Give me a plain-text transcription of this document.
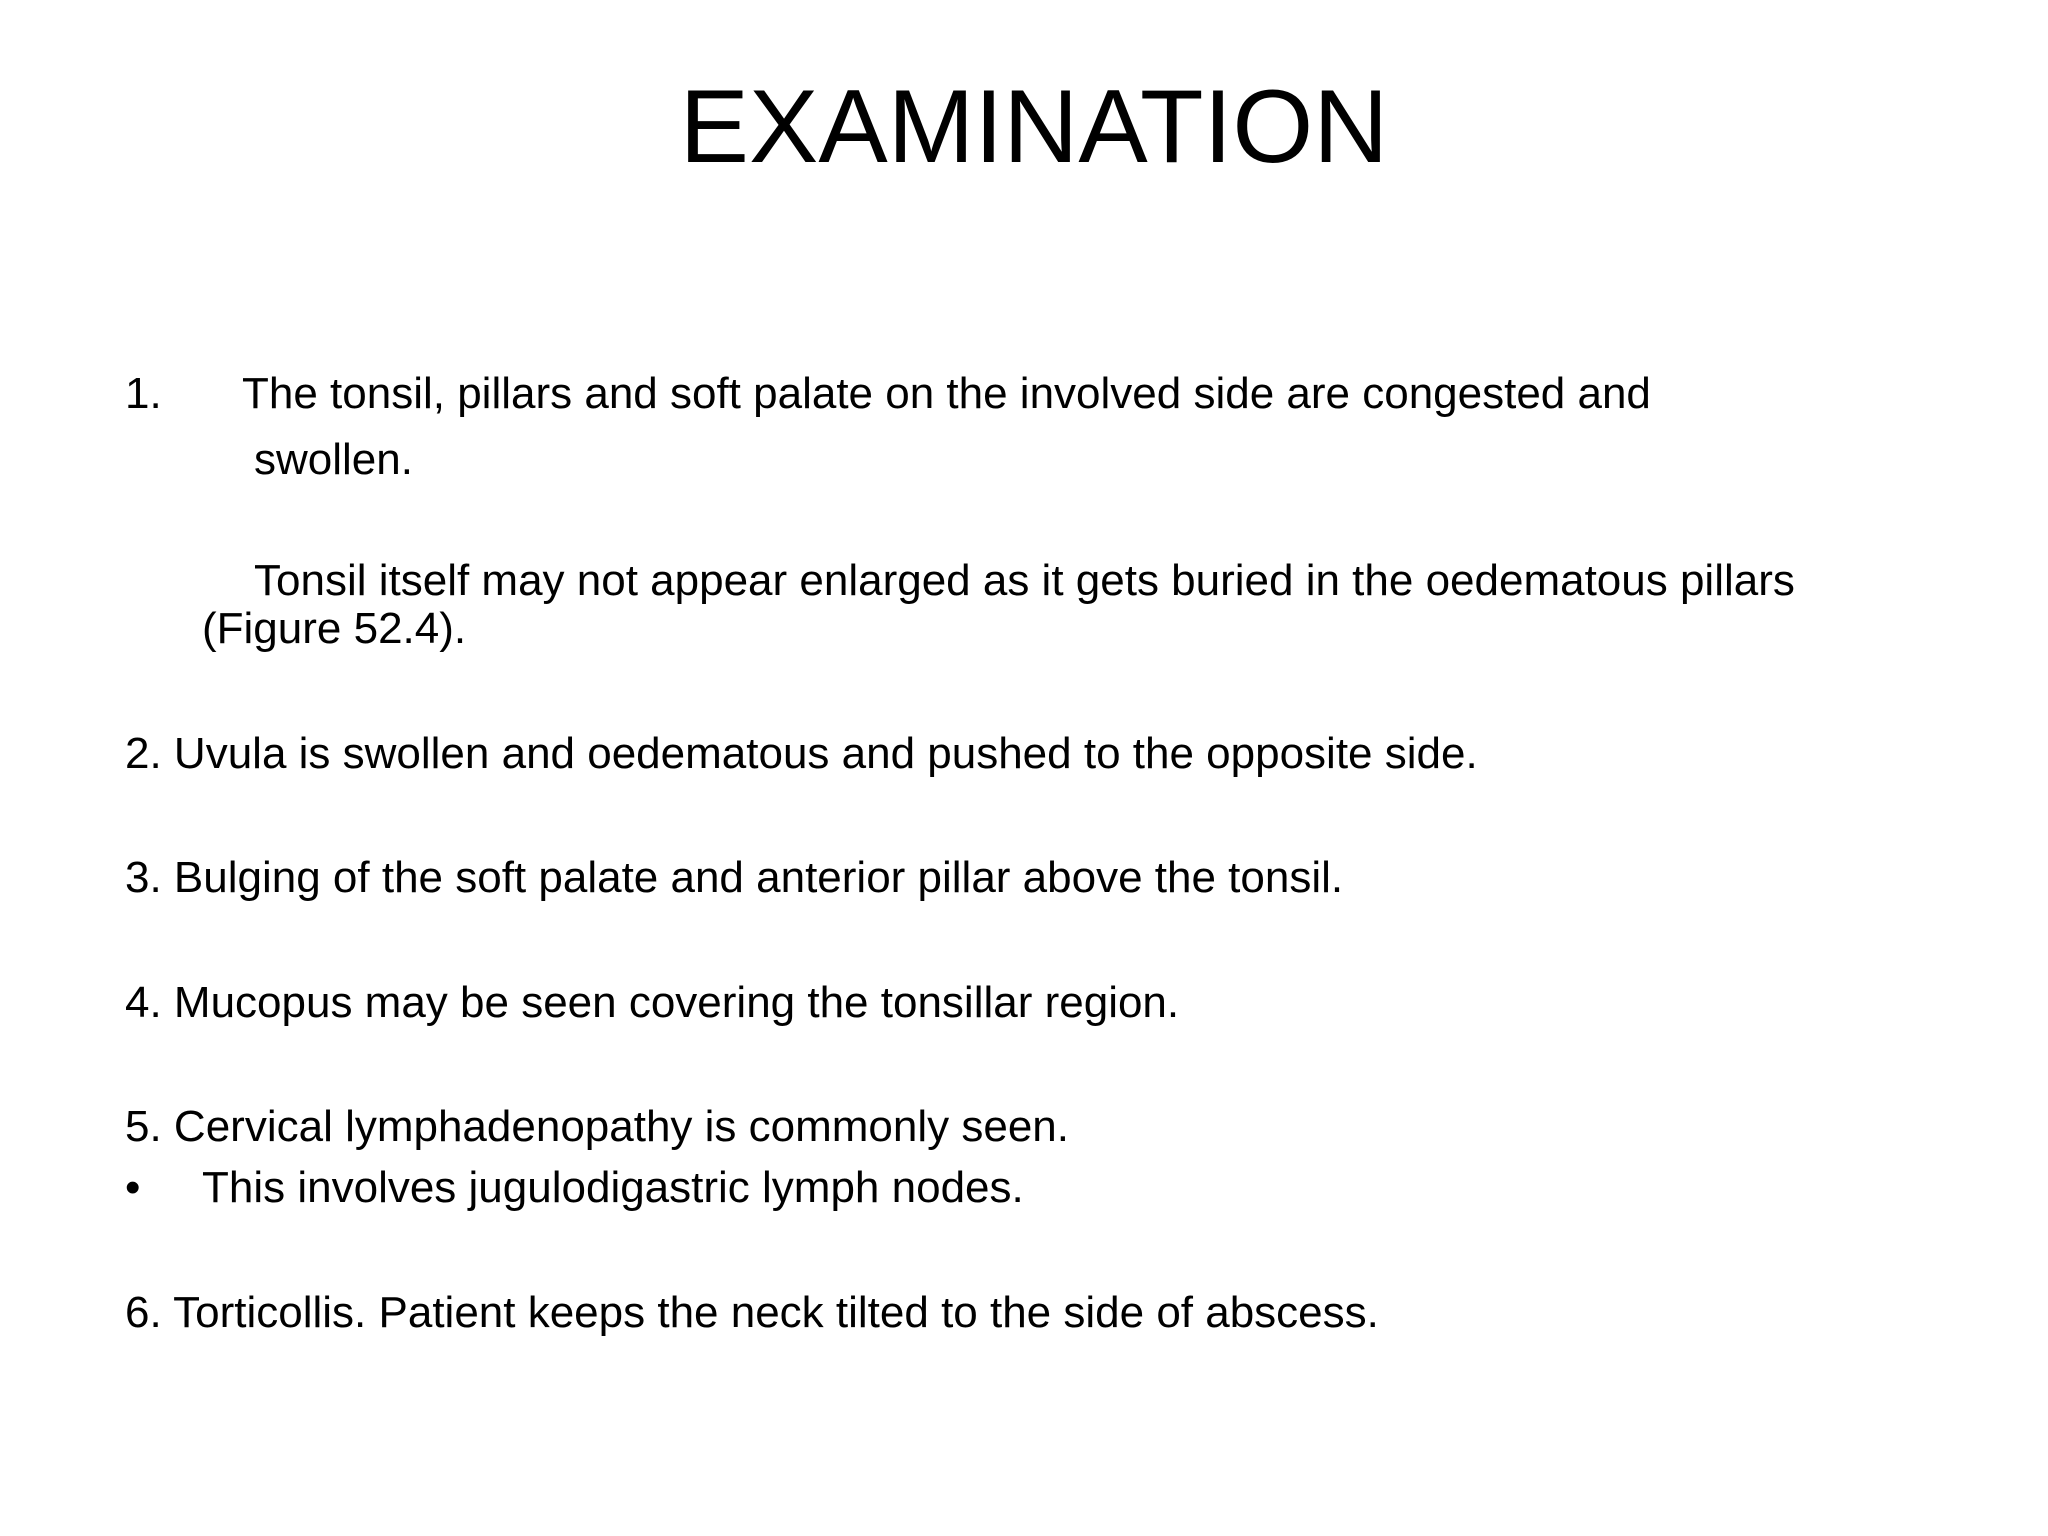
EXAMINATION
1. The tonsil, pillars and soft palate on the involved side are congested and
swollen.
Tonsil itself may not appear enlarged as it gets buried in the oedematous pillars
(Figure 52.4).
2. Uvula is swollen and oedematous and pushed to the opposite side.
3. Bulging of the soft palate and anterior pillar above the tonsil.
4. Mucopus may be seen covering the tonsillar region.
5. Cervical lymphadenopathy is commonly seen.
• This involves jugulodigastric lymph nodes.
6. Torticollis. Patient keeps the neck tilted to the side of abscess.
